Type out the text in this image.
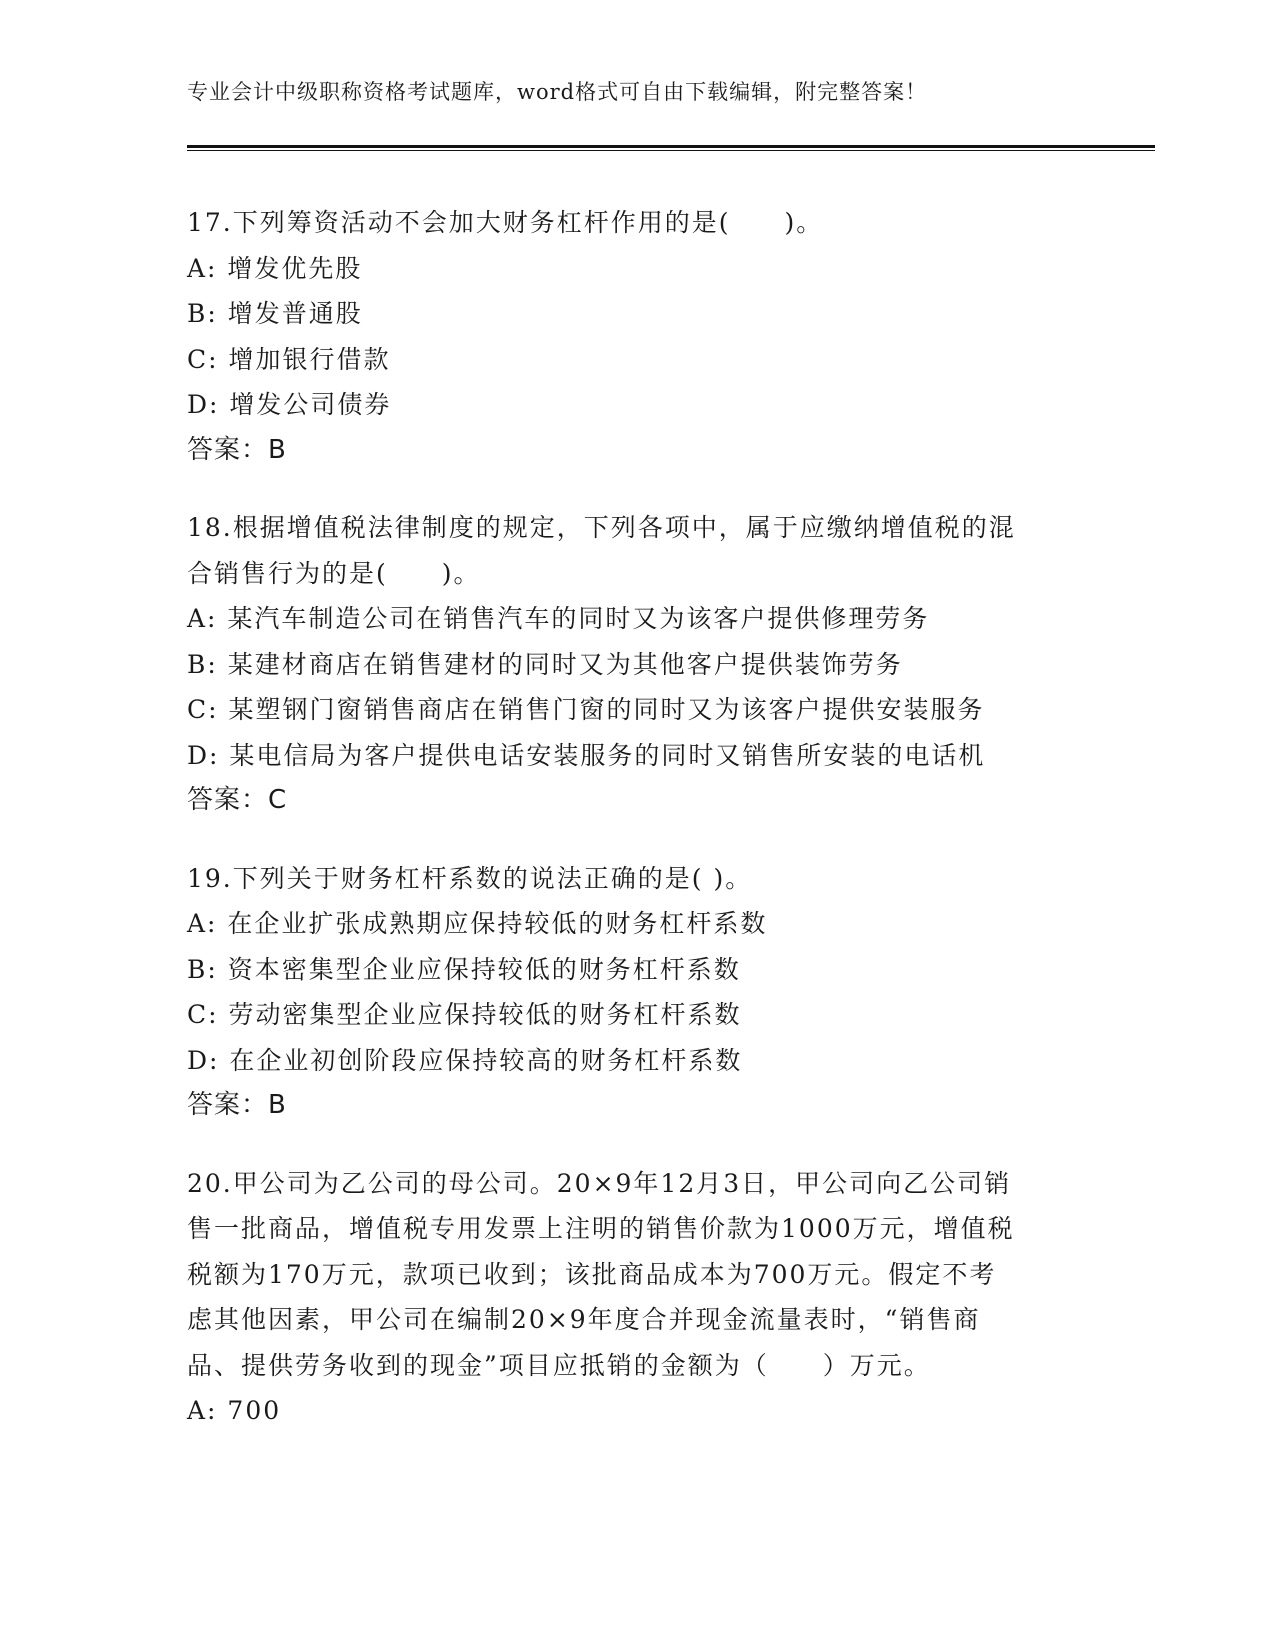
专业会计中级职称资格考试题库，word格式可自由下载编辑，附完整答案！
17.下列筹资活动不会加大财务杠杆作用的是(　　)。
A: 增发优先股
B: 增发普通股
C: 增加银行借款
D: 增发公司债券
答案：B
18.根据增值税法律制度的规定，下列各项中，属于应缴纳增值税的混
合销售行为的是(　　)。
A: 某汽车制造公司在销售汽车的同时又为该客户提供修理劳务
B: 某建材商店在销售建材的同时又为其他客户提供装饰劳务
C: 某塑钢门窗销售商店在销售门窗的同时又为该客户提供安装服务
D: 某电信局为客户提供电话安装服务的同时又销售所安装的电话机
答案：C
19.下列关于财务杠杆系数的说法正确的是( )。
A: 在企业扩张成熟期应保持较低的财务杠杆系数
B: 资本密集型企业应保持较低的财务杠杆系数
C: 劳动密集型企业应保持较低的财务杠杆系数
D: 在企业初创阶段应保持较高的财务杠杆系数
答案：B
20.甲公司为乙公司的母公司。20×9年12月3日，甲公司向乙公司销
售一批商品，增值税专用发票上注明的销售价款为1000万元，增值税
税额为170万元，款项已收到；该批商品成本为700万元。假定不考
虑其他因素，甲公司在编制20×9年度合并现金流量表时，“销售商
品、提供劳务收到的现金”项目应抵销的金额为（　　）万元。
A: 700
